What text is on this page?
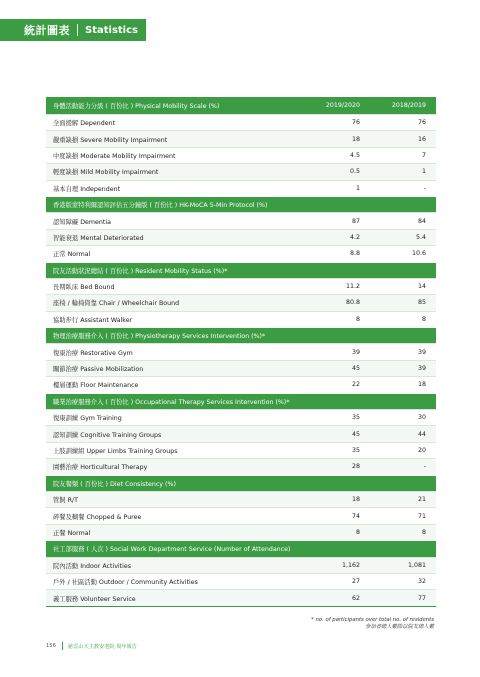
統計圖表 Statistics
身體活動能力分級 ( 百份比 ) Physical Mobility Scale (%)	2019/2020	2018/2019
全面援解 Dependent	76	76
嚴重缺損 Severe Mobility Impairment	18	16
中度缺損 Moderate Mobility Impairment	4.5	7
輕度缺損 Mild Mobility Impairment	0.5	1
基本自理 Independent	1	-
香港版蒙特利爾認知評估五分鐘版 ( 百份比 ) HK-MoCA 5-Min Protocol (%)
認知障礙 Dementia	87	84
智能衰退 Mental Deteriorated	4.2	5.4
正常 Normal	8.8	10.6
院友活動狀況總結 ( 百份比 ) Resident Mobility Status (%)*
長期臥床 Bed Bound	11.2	14
座椅 / 輪椅倚靠 Chair / Wheelchair Bound	80.8	85
協助步行 Assistant Walker	8	8
物理治療服務介入 ( 百份比 ) Physiotherapy Services Intervention (%)*
復康治療 Restorative Gym	39	39
關節治療 Passive Mobilization	45	39
樓層運動 Floor Maintenance	22	18
職業治療服務介入 ( 百份比 ) Occupational Therapy Services Intervention (%)*
復康訓練 Gym Training	35	30
認知訓練 Cognitive Training Groups	45	44
上肢訓練組 Upper Limbs Training Groups	35	20
園藝治療 Horticultural Therapy	28	-
院友餐類 ( 百份比 ) Diet Consistency (%)
管飼 R/T	18	21
碎餐及糊餐 Chopped & Puree	74	71
正餐 Normal	8	8
社工部服務 ( 人次 ) Social Work Department Service (Number of Attendance)
院內活動 Indoor Activities	1,162	1,081
戶外 / 社區活動 Outdoor / Community Activities	27	32
義工服務 Volunteer Service	62	77
* no. of participants over total no. of residents
參加者總人數除以院友總人數
156 慈雲山天主教安老院 周年報告
